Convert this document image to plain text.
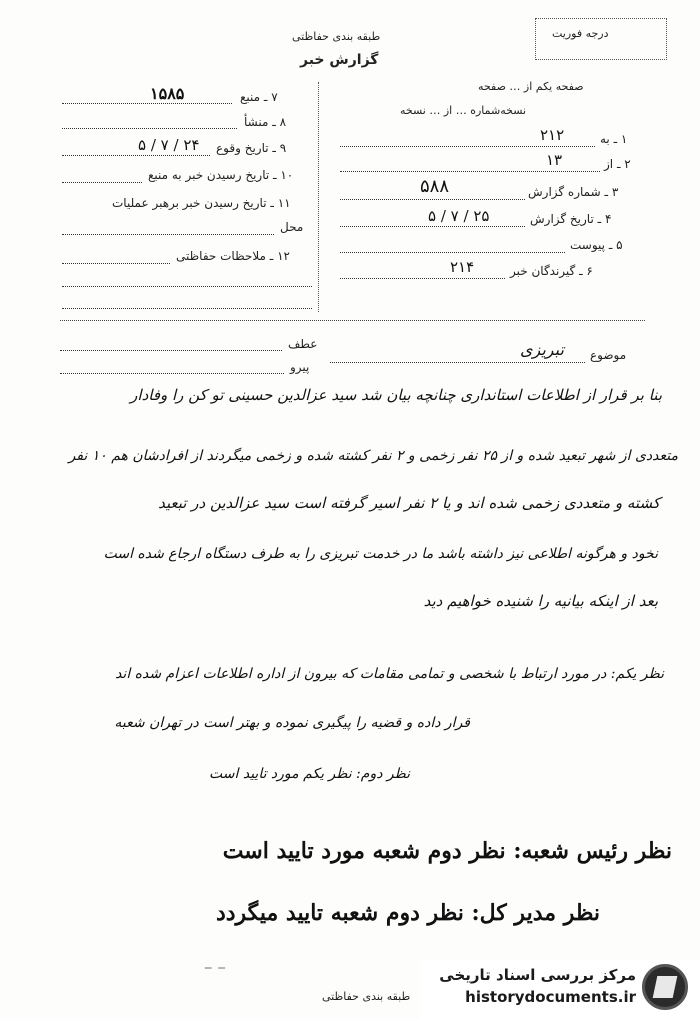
طبقه بندی حفاظتی
گزارش خبر
درجه فوریت
۷ ـ منبع
۱۵۸۵
۸ ـ منشأ
۹ ـ تاریخ وقوع
۲۴ / ۷ / ۵
۱۰ ـ تاریخ رسیدن خبر به منبع
۱۱ ـ تاریخ رسیدن خبر برهبر عملیات
محل
۱۲ ـ ملاحظات حفاظتی
صفحه یکم از … صفحه
نسخه‌شماره … از … نسخه
۱ ـ به
۲۱۲
۲ ـ از
۱۳
۳ ـ شماره گزارش
۵۸۸
۴ ـ تاریخ گزارش
۲۵ / ۷ / ۵
۵ ـ پیوست
۶ ـ گیرندگان خبر
۲۱۴
عطف
پیرو
موضوع
تبریزی
بنا بر قرار از اطلاعات استانداری چنانچه بیان شد سید عزالدین حسینی تو کن را وفادار
متعددی از شهر تبعید شده و از ۲۵ نفر زخمی و ۲ نفر کشته شده و زخمی میگردند از افرادشان هم ۱۰ نفر
کشته و متعددی زخمی شده اند و یا ۲ نفر اسیر گرفته است سید عزالدین در تبعید
نخود و هرگونه اطلاعی نیز داشته باشد ما در خدمت تبریزی را به طرف دستگاه ارجاع شده است
بعد از اینکه بیانیه را شنیده خواهیم دید
نظر یکم: در مورد ارتباط با شخصی و تمامی مقامات که بیرون از اداره اطلاعات اعزام شده اند
قرار داده و قضیه را پیگیری نموده و بهتر است در تهران شعبه
نظر دوم: نظر یکم مورد تایید است
نظر رئیس شعبه: نظر دوم شعبه مورد تایید است
نظر مدیر کل: نظر دوم شعبه تایید میگردد
ـ ـ
طبقه بندی حفاظتی
مرکز بررسی اسناد تاریخی
historydocuments.ir
